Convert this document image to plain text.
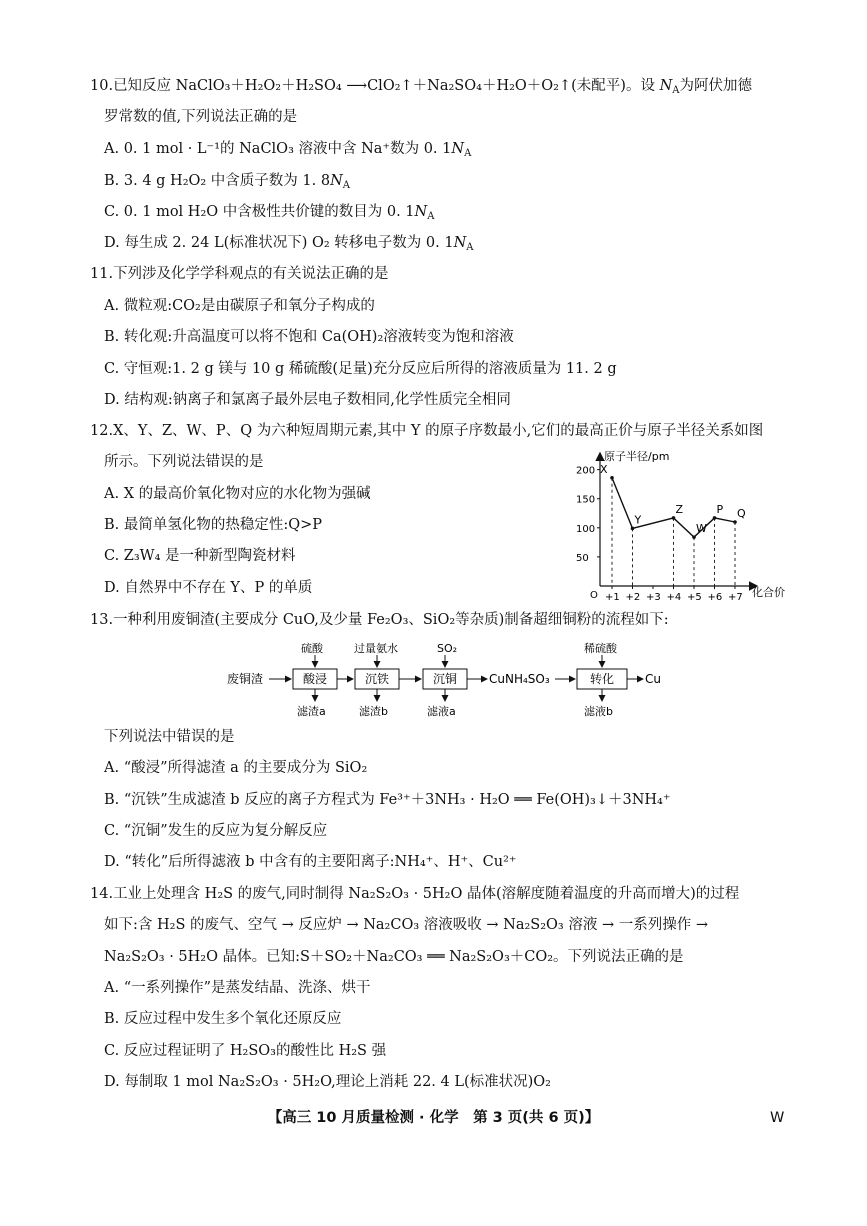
10.已知反应 NaClO₃＋H₂O₂＋H₂SO₄ ⟶ClO₂↑＋Na₂SO₄＋H₂O＋O₂↑(未配平)。设 $N_A$为阿伏加德
罗常数的值,下列说法正确的是
A. 0. 1 mol · L⁻¹的 NaClO₃ 溶液中含 Na⁺数为 0. $1N_A$
B. 3. 4 g H₂O₂ 中含质子数为 1. $8N_A$
C. 0. 1 mol H₂O 中含极性共价键的数目为 0. $1N_A$
D. 每生成 2. 24 L(标准状况下) O₂ 转移电子数为 0. $1N_A$
11.下列涉及化学学科观点的有关说法正确的是
A. 微粒观:CO₂是由碳原子和氧分子构成的
B. 转化观:升高温度可以将不饱和 Ca(OH)₂溶液转变为饱和溶液
C. 守恒观:1. 2 g 镁与 10 g 稀硫酸(足量)充分反应后所得的溶液质量为 11. 2 g
D. 结构观:钠离子和氯离子最外层电子数相同,化学性质完全相同
12.X、Y、Z、W、P、Q 为六种短周期元素,其中 Y 的原子序数最小,它们的最高正价与原子半径关系如图
所示。下列说法错误的是
A. X 的最高价氧化物对应的水化物为强碱
B. 最简单氢化物的热稳定性:Q>P
C. Z₃W₄ 是一种新型陶瓷材料
D. 自然界中不存在 Y、P 的单质
原子半径/pm
化合价
O +1 +2 +3 +4 +5 +6 +7
200
150
100
50
X
Y
Z
W
P Q
13.一种利用废铜渣(主要成分 CuO,及少量 Fe₂O₃、SiO₂等杂质)制备超细铜粉的流程如下:
废铜渣	酸浸	沉铁	沉铜	CuNH₄SO₃	转化	Cu
硫酸	过量氨水	SO₂	稀硫酸
滤渣a	滤渣b	滤液a	滤液b
下列说法中错误的是
A. “酸浸”所得滤渣 a 的主要成分为 SiO₂
B. “沉铁”生成滤渣 b 反应的离子方程式为 Fe³⁺＋3NH₃ · H₂O ══ Fe(OH)₃↓＋3NH₄⁺
C. “沉铜”发生的反应为复分解反应
D. “转化”后所得滤液 b 中含有的主要阳离子:NH₄⁺、H⁺、Cu²⁺
14.工业上处理含 H₂S 的废气,同时制得 Na₂S₂O₃ · 5H₂O 晶体(溶解度随着温度的升高而增大)的过程
如下:含 H₂S 的废气、空气 → 反应炉 → Na₂CO₃ 溶液吸收 → Na₂S₂O₃ 溶液 → 一系列操作 →
Na₂S₂O₃ · 5H₂O 晶体。已知:S＋SO₂＋Na₂CO₃ ══ Na₂S₂O₃＋CO₂。下列说法正确的是
A. “一系列操作”是蒸发结晶、洗涤、烘干
B. 反应过程中发生多个氧化还原反应
C. 反应过程证明了 H₂SO₃的酸性比 H₂S 强
D. 每制取 1 mol Na₂S₂O₃ · 5H₂O,理论上消耗 22. 4 L(标准状况)O₂
【高三 10 月质量检测 · 化学　第 3 页(共 6 页)】	W
